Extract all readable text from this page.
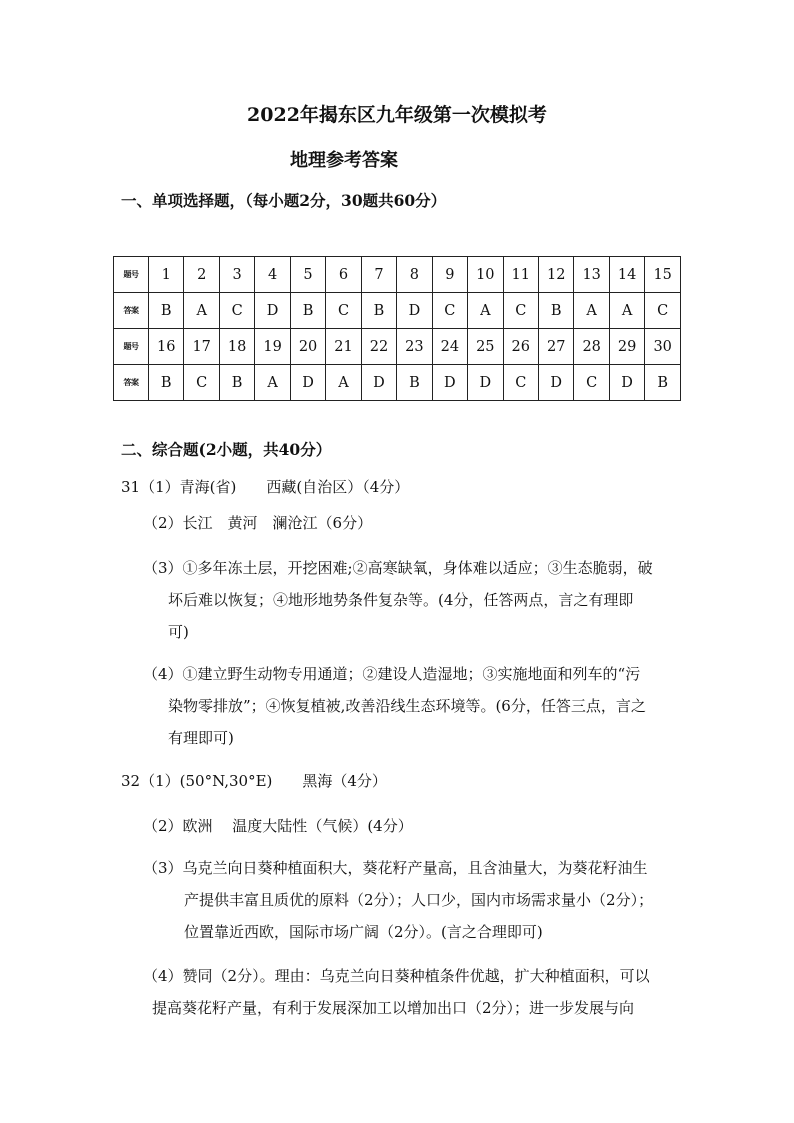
2022年揭东区九年级第一次模拟考
地理参考答案
一、单项选择题，（每小题2分，30题共60分）
题号	1	2	3	4	5	6	7	8	9	10	11	12	13	14	15
答案	B	A	C	D	B	C	B	D	C	A	C	B	A	A	C
题号	16	17	18	19	20	21	22	23	24	25	26	27	28	29	30
答案	B	C	B	A	D	A	D	B	D	D	C	D	C	D	B
二、综合题(2小题，共40分）
31（1）青海(省)　　西藏(自治区）（4分）
（2）长江　黄河　澜沧江（6分）
（3）①多年冻土层，开挖困难;②高寒缺氧，身体难以适应；③生态脆弱，破
坏后难以恢复；④地形地势条件复杂等。(4分，任答两点，言之有理即
可)
（4）①建立野生动物专用通道；②建设人造湿地；③实施地面和列车的“污
染物零排放”；④恢复植被,改善沿线生态环境等。(6分，任答三点，言之
有理即可)
32（1）(50°N,30°E)　　黑海（4分）
（2）欧洲　 温度大陆性（气候）(4分）
（3）乌克兰向日葵种植面积大，葵花籽产量高，且含油量大，为葵花籽油生
产提供丰富且质优的原料（2分）；人口少，国内市场需求量小（2分）；
位置靠近西欧，国际市场广阔（2分）。(言之合理即可)
（4）赞同（2分）。理由：乌克兰向日葵种植条件优越，扩大种植面积，可以
提高葵花籽产量，有利于发展深加工以增加出口（2分）；进一步发展与向
